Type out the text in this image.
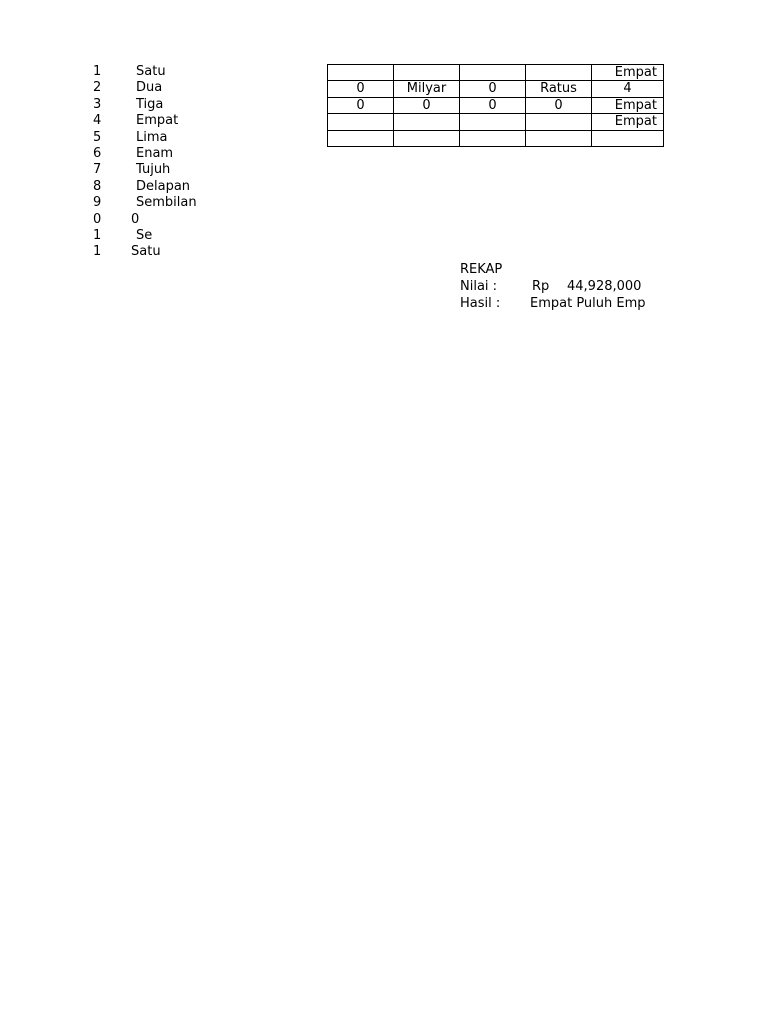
1	Satu
2	Dua
3	Tiga
4	Empat
5	Lima
6	Enam
7	Tujuh
8	Delapan
9	Sembilan
0 0
1	Se
1 Satu
				Empat
0	Milyar	0	Ratus	4
0	0	0	0	Empat
				Empat

REKAP
Nilai :	Rp 44,928,000
Hasil : Empat Puluh Emp
